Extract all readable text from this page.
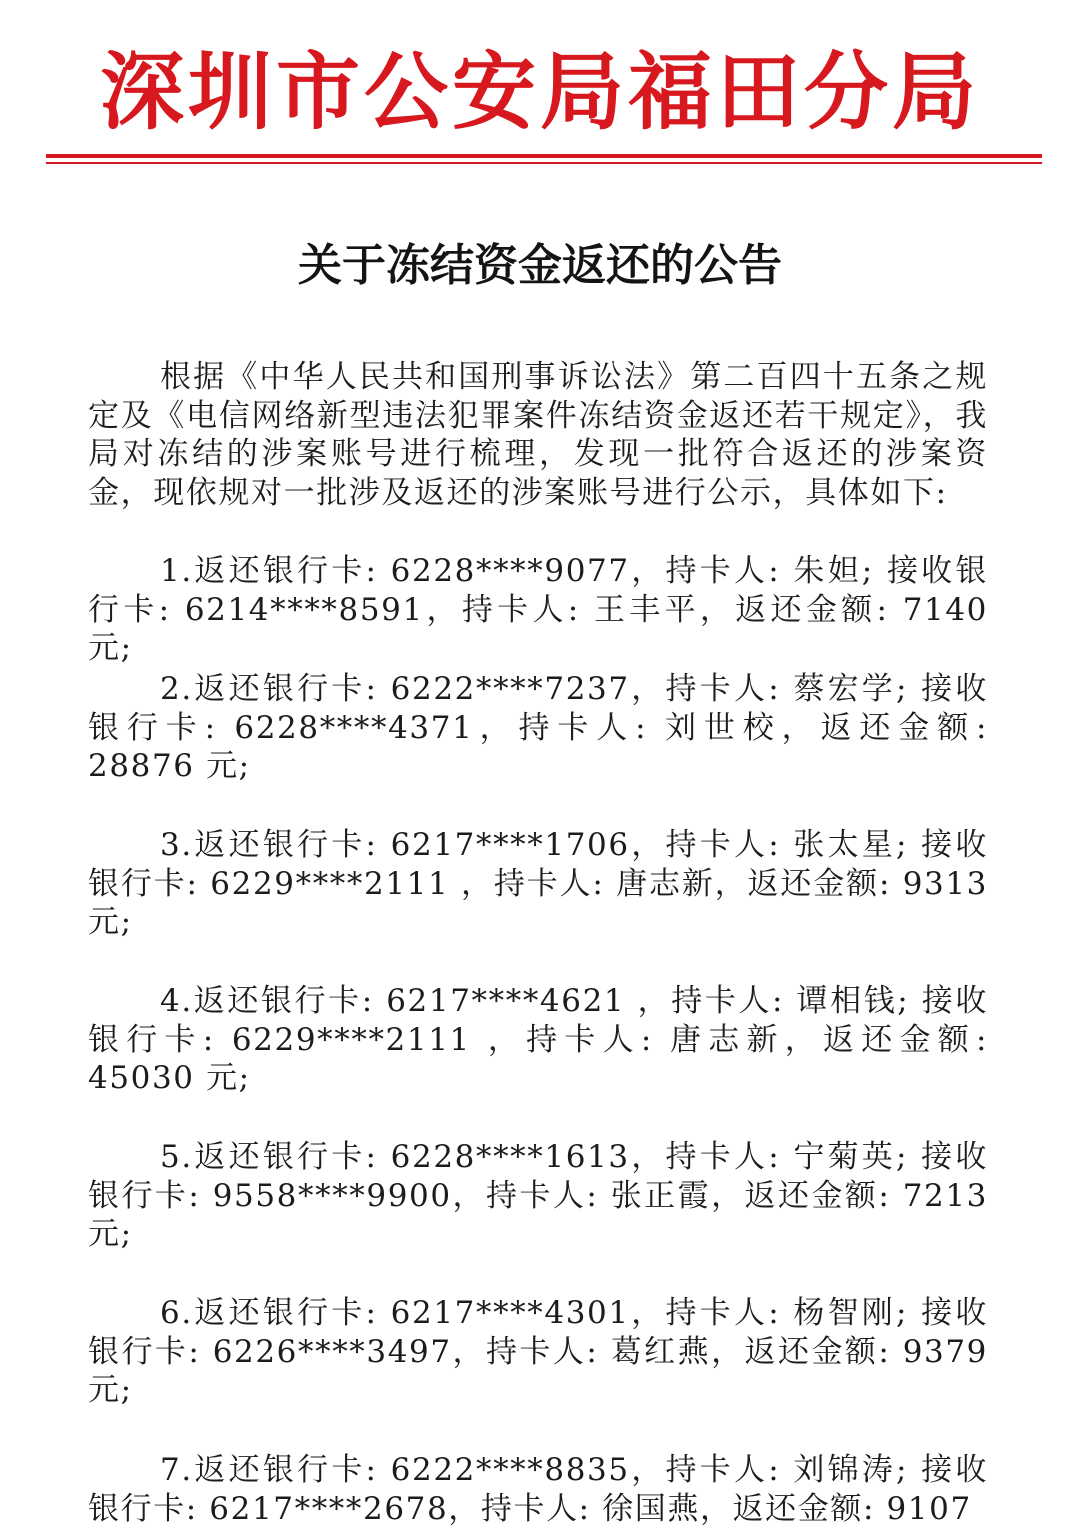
深圳市公安局福田分局
关于冻结资金返还的公告
根据《中华人民共和国刑事诉讼法》第二百四十五条之规定及《电信网络新型违法犯罪案件冻结资金返还若干规定》，我局对冻结的涉案账号进行梳理，发现一批符合返还的涉案资金，现依规对一批涉及返还的涉案账号进行公示，具体如下:
1.返还银行卡: 6228****9077，持卡人: 朱妲; 接收银行卡: 6214****8591，持卡人: 王丰平，返还金额: 7140 元;
2.返还银行卡: 6222****7237，持卡人: 蔡宏学; 接收银行卡: 6228****4371，持卡人: 刘世校，返还金额: 28876 元;
3.返还银行卡: 6217****1706，持卡人: 张太星; 接收银行卡: 6229****2111 ，持卡人: 唐志新，返还金额: 9313 元;
4.返还银行卡: 6217****4621 ，持卡人: 谭相钱; 接收银行卡: 6229****2111 ，持卡人: 唐志新，返还金额: 45030 元;
5.返还银行卡: 6228****1613，持卡人: 宁菊英; 接收银行卡: 9558****9900，持卡人: 张正霞，返还金额: 7213 元;
6.返还银行卡: 6217****4301，持卡人: 杨智刚; 接收银行卡: 6226****3497，持卡人: 葛红燕，返还金额: 9379 元;
7.返还银行卡: 6222****8835，持卡人: 刘锦涛; 接收银行卡: 6217****2678，持卡人: 徐国燕，返还金额: 9107
